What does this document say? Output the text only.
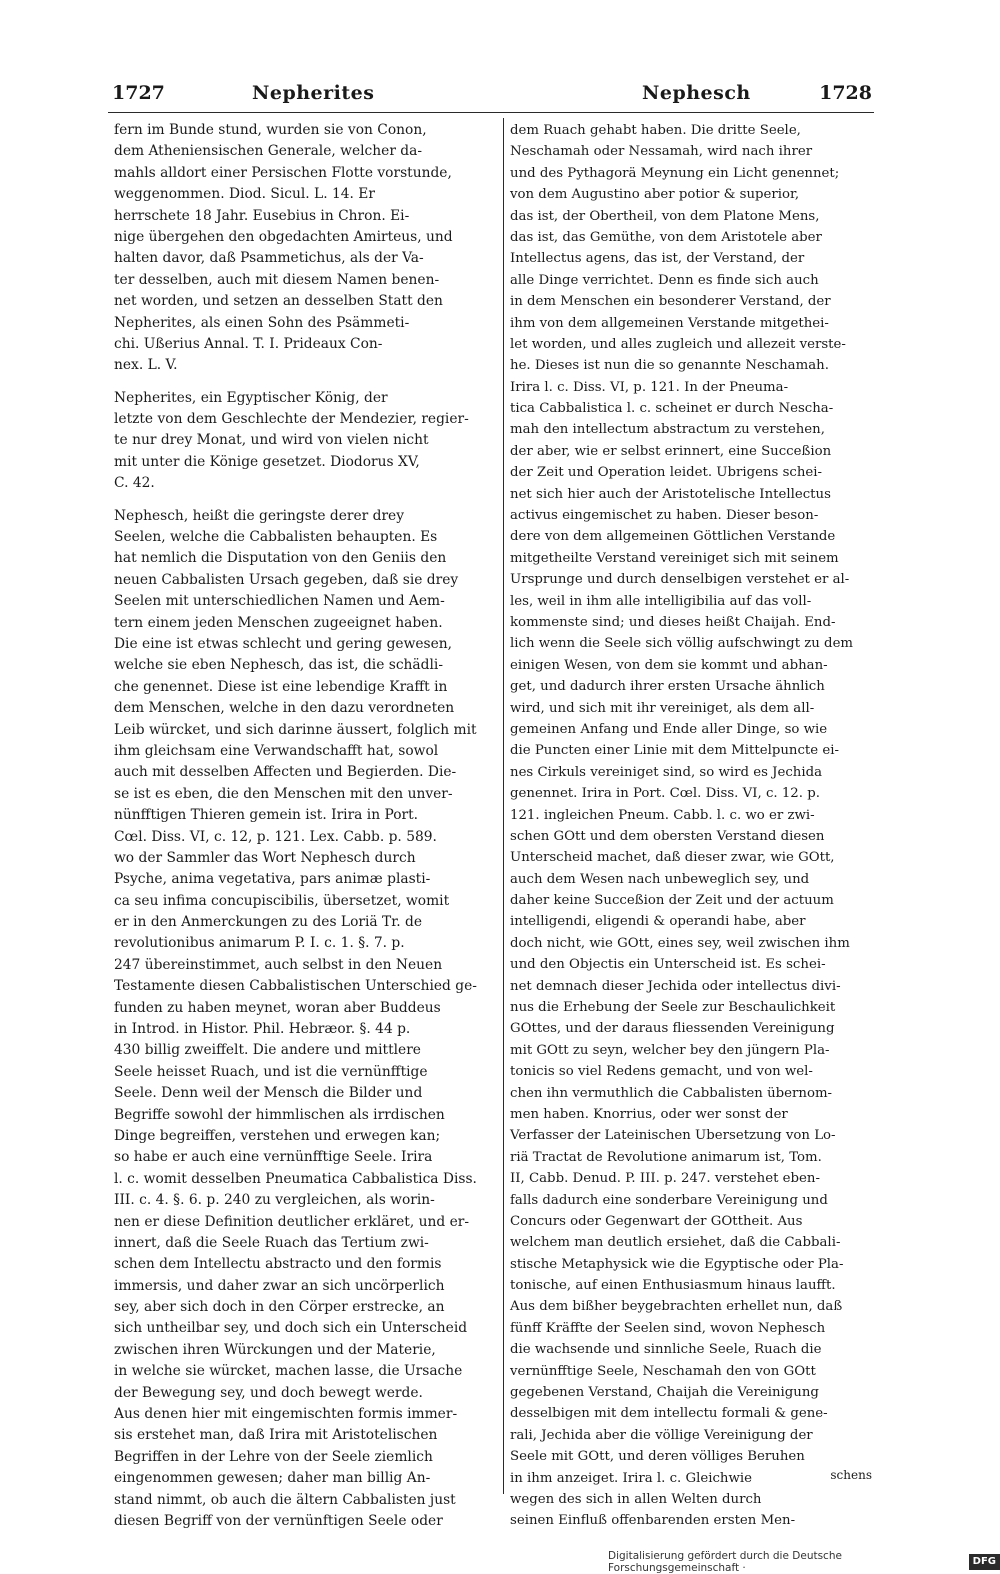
1727	Nepherites	Nephesch	1728
fern im Bunde stund, wurden sie von Conon,
dem Atheniensischen Generale, welcher da-
mahls alldort einer Persischen Flotte vorstunde,
weggenommen. Diod. Sicul. L. 14. Er
herrschete 18 Jahr. Eusebius in Chron. Ei-
nige übergehen den obgedachten Amirteus, und
halten davor, daß Psammetichus, als der Va-
ter desselben, auch mit diesem Namen benen-
net worden, und setzen an desselben Statt den
Nepherites, als einen Sohn des Psämmeti-
chi. Ußerius Annal. T. I. Prideaux Con-
nex. L. V.
Nepherites, ein Egyptischer König, der
letzte von dem Geschlechte der Mendezier, regier-
te nur drey Monat, und wird von vielen nicht
mit unter die Könige gesetzet. Diodorus XV,
C. 42.
Nephesch, heißt die geringste derer drey
Seelen, welche die Cabbalisten behaupten. Es
hat nemlich die Disputation von den Geniis den
neuen Cabbalisten Ursach gegeben, daß sie drey
Seelen mit unterschiedlichen Namen und Aem-
tern einem jeden Menschen zugeeignet haben.
Die eine ist etwas schlecht und gering gewesen,
welche sie eben Nephesch, das ist, die schädli-
che genennet. Diese ist eine lebendige Krafft in
dem Menschen, welche in den dazu verordneten
Leib würcket, und sich darinne äussert, folglich mit
ihm gleichsam eine Verwandschafft hat, sowol
auch mit desselben Affecten und Begierden. Die-
se ist es eben, die den Menschen mit den unver-
nünfftigen Thieren gemein ist. Irira in Port.
Cœl. Diss. VI, c. 12, p. 121. Lex. Cabb. p. 589.
wo der Sammler das Wort Nephesch durch
Psyche, anima vegetativa, pars animæ plasti-
ca seu infima concupiscibilis, übersetzet, womit
er in den Anmerckungen zu des Loriä Tr. de
revolutionibus animarum P. I. c. 1. §. 7. p.
247 übereinstimmet, auch selbst in den Neuen
Testamente diesen Cabbalistischen Unterschied ge-
funden zu haben meynet, woran aber Buddeus
in Introd. in Histor. Phil. Hebræor. §. 44 p.
430 billig zweiffelt. Die andere und mittlere
Seele heisset Ruach, und ist die vernünfftige
Seele. Denn weil der Mensch die Bilder und
Begriffe sowohl der himmlischen als irrdischen
Dinge begreiffen, verstehen und erwegen kan;
so habe er auch eine vernünfftige Seele. Irira
l. c. womit desselben Pneumatica Cabbalistica Diss.
III. c. 4. §. 6. p. 240 zu vergleichen, als worin-
nen er diese Definition deutlicher erkläret, und er-
innert, daß die Seele Ruach das Tertium zwi-
schen dem Intellectu abstracto und den formis
immersis, und daher zwar an sich uncörperlich
sey, aber sich doch in den Cörper erstrecke, an
sich untheilbar sey, und doch sich ein Unterscheid
zwischen ihren Würckungen und der Materie,
in welche sie würcket, machen lasse, die Ursache
der Bewegung sey, und doch bewegt werde.
Aus denen hier mit eingemischten formis immer-
sis erstehet man, daß Irira mit Aristotelischen
Begriffen in der Lehre von der Seele ziemlich
eingenommen gewesen; daher man billig An-
stand nimmt, ob auch die ältern Cabbalisten just
diesen Begriff von der vernünftigen Seele oder
dem Ruach gehabt haben. Die dritte Seele,
Neschamah oder Nessamah, wird nach ihrer
und des Pythagorä Meynung ein Licht genennet;
von dem Augustino aber potior & superior,
das ist, der Obertheil, von dem Platone Mens,
das ist, das Gemüthe, von dem Aristotele aber
Intellectus agens, das ist, der Verstand, der
alle Dinge verrichtet. Denn es finde sich auch
in dem Menschen ein besonderer Verstand, der
ihm von dem allgemeinen Verstande mitgethei-
let worden, und alles zugleich und allezeit verste-
he. Dieses ist nun die so genannte Neschamah.
Irira l. c. Diss. VI, p. 121. In der Pneuma-
tica Cabbalistica l. c. scheinet er durch Nescha-
mah den intellectum abstractum zu verstehen,
der aber, wie er selbst erinnert, eine Succeßion
der Zeit und Operation leidet. Ubrigens schei-
net sich hier auch der Aristotelische Intellectus
activus eingemischet zu haben. Dieser beson-
dere von dem allgemeinen Göttlichen Verstande
mitgetheilte Verstand vereiniget sich mit seinem
Ursprunge und durch denselbigen verstehet er al-
les, weil in ihm alle intelligibilia auf das voll-
kommenste sind; und dieses heißt Chaijah. End-
lich wenn die Seele sich völlig aufschwingt zu dem
einigen Wesen, von dem sie kommt und abhan-
get, und dadurch ihrer ersten Ursache ähnlich
wird, und sich mit ihr vereiniget, als dem all-
gemeinen Anfang und Ende aller Dinge, so wie
die Puncten einer Linie mit dem Mittelpuncte ei-
nes Cirkuls vereiniget sind, so wird es Jechida
genennet. Irira in Port. Cœl. Diss. VI, c. 12. p.
121. ingleichen Pneum. Cabb. l. c. wo er zwi-
schen GOtt und dem obersten Verstand diesen
Unterscheid machet, daß dieser zwar, wie GOtt,
auch dem Wesen nach unbeweglich sey, und
daher keine Succeßion der Zeit und der actuum
intelligendi, eligendi & operandi habe, aber
doch nicht, wie GOtt, eines sey, weil zwischen ihm
und den Objectis ein Unterscheid ist. Es schei-
net demnach dieser Jechida oder intellectus divi-
nus die Erhebung der Seele zur Beschaulichkeit
GOttes, und der daraus fliessenden Vereinigung
mit GOtt zu seyn, welcher bey den jüngern Pla-
tonicis so viel Redens gemacht, und von wel-
chen ihn vermuthlich die Cabbalisten übernom-
men haben. Knorrius, oder wer sonst der
Verfasser der Lateinischen Ubersetzung von Lo-
riä Tractat de Revolutione animarum ist, Tom.
II, Cabb. Denud. P. III. p. 247. verstehet eben-
falls dadurch eine sonderbare Vereinigung und
Concurs oder Gegenwart der GOttheit. Aus
welchem man deutlich ersiehet, daß die Cabbali-
stische Metaphysick wie die Egyptische oder Pla-
tonische, auf einen Enthusiasmum hinaus laufft.
Aus dem bißher beygebrachten erhellet nun, daß
fünff Kräffte der Seelen sind, wovon Nephesch
die wachsende und sinnliche Seele, Ruach die
vernünfftige Seele, Neschamah den von GOtt
gegebenen Verstand, Chaijah die Vereinigung
desselbigen mit dem intellectu formali & gene-
rali, Jechida aber die völlige Vereinigung der
Seele mit GOtt, und deren völliges Beruhen
in ihm anzeiget. Irira l. c. Gleichwie
wegen des sich in allen Welten durch
seinen Einfluß offenbarenden ersten Men-
schens
Digitalisierung gefördert durch die Deutsche Forschungsgemeinschaft ·
DFG
